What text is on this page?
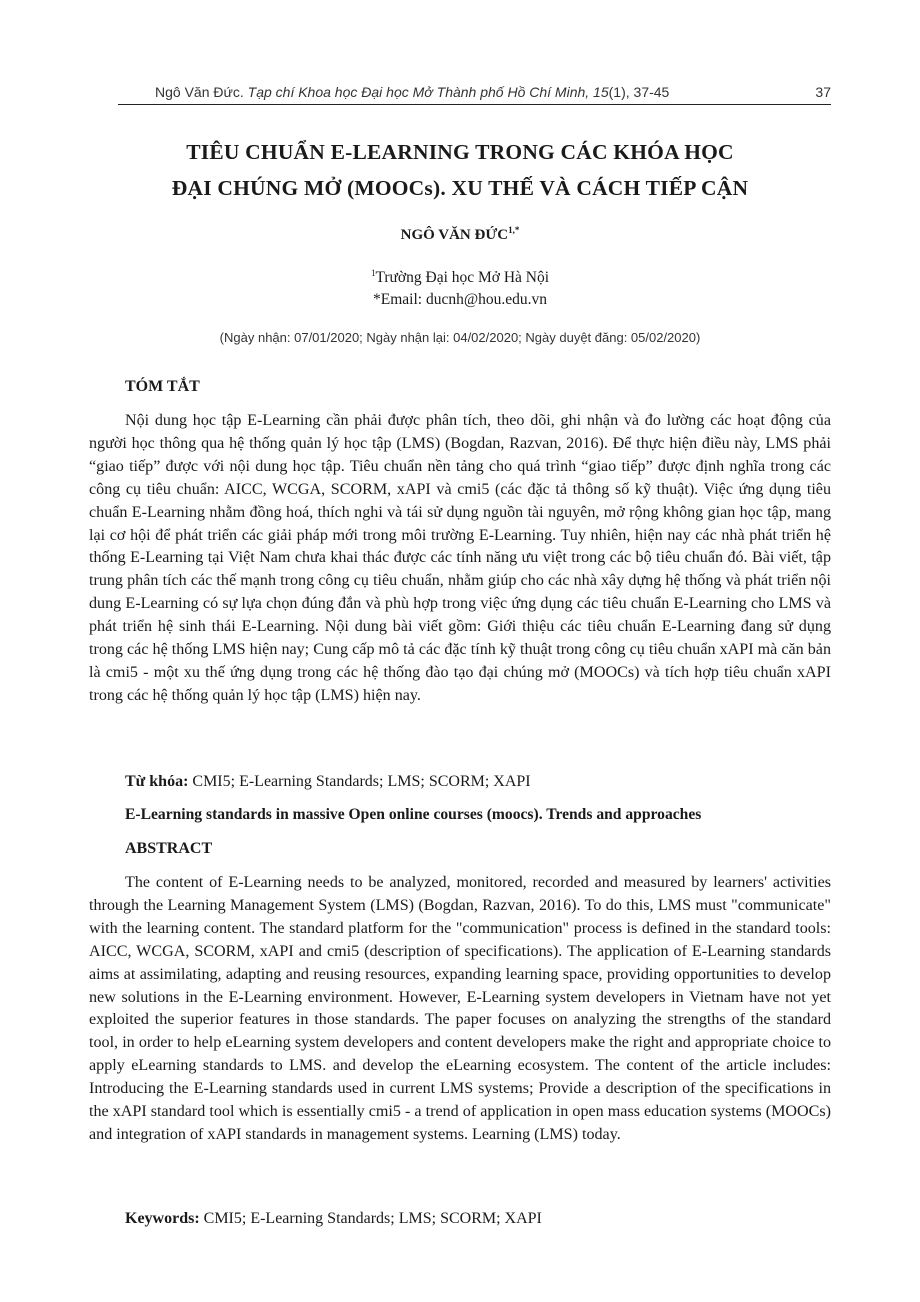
Ngô Văn Đức. Tạp chí Khoa học Đại học Mở Thành phố Hồ Chí Minh, 15(1), 37-45	37
TIÊU CHUẨN E-LEARNING TRONG CÁC KHÓA HỌC
ĐẠI CHÚNG MỞ (MOOCs). XU THẾ VÀ CÁCH TIẾP CẬN
NGÔ VĂN ĐỨC$^{1,*}$
$^1$Trường Đại học Mở Hà Nội
*Email: ducnh@hou.edu.vn
(Ngày nhận: 07/01/2020; Ngày nhận lại: 04/02/2020; Ngày duyệt đăng: 05/02/2020)
TÓM TẮT

Nội dung học tập E-Learning cần phải được phân tích, theo dõi, ghi nhận và đo lường các hoạt động của người học thông qua hệ thống quản lý học tập (LMS) (Bogdan, Razvan, 2016). Để thực hiện điều này, LMS phải “giao tiếp” được với nội dung học tập. Tiêu chuẩn nền tảng cho quá trình “giao tiếp” được định nghĩa trong các công cụ tiêu chuẩn: AICC, WCGA, SCORM, xAPI và cmi5 (các đặc tả thông số kỹ thuật). Việc ứng dụng tiêu chuẩn E-Learning nhằm đồng hoá, thích nghi và tái sử dụng nguồn tài nguyên, mở rộng không gian học tập, mang lại cơ hội để phát triển các giải pháp mới trong môi trường E-Learning. Tuy nhiên, hiện nay các nhà phát triển hệ thống E-Learning tại Việt Nam chưa khai thác được các tính năng ưu việt trong các bộ tiêu chuẩn đó. Bài viết, tập trung phân tích các thế mạnh trong công cụ tiêu chuẩn, nhằm giúp cho các nhà xây dựng hệ thống và phát triển nội dung E-Learning có sự lựa chọn đúng đắn và phù hợp trong việc ứng dụng các tiêu chuẩn E-Learning cho LMS và phát triển hệ sinh thái E-Learning. Nội dung bài viết gồm: Giới thiệu các tiêu chuẩn E-Learning đang sử dụng trong các hệ thống LMS hiện nay; Cung cấp mô tả các đặc tính kỹ thuật trong công cụ tiêu chuẩn xAPI mà căn bản là cmi5 - một xu thế ứng dụng trong các hệ thống đào tạo đại chúng mở (MOOCs) và tích hợp tiêu chuẩn xAPI trong các hệ thống quản lý học tập (LMS) hiện nay.

Từ khóa: CMI5; E-Learning Standards; LMS; SCORM; XAPI
E-Learning standards in massive Open online courses (moocs). Trends and approaches
ABSTRACT

The content of E-Learning needs to be analyzed, monitored, recorded and measured by learners' activities through the Learning Management System (LMS) (Bogdan, Razvan, 2016). To do this, LMS must "communicate" with the learning content. The standard platform for the "communication" process is defined in the standard tools: AICC, WCGA, SCORM, xAPI and cmi5 (description of specifications). The application of E-Learning standards aims at assimilating, adapting and reusing resources, expanding learning space, providing opportunities to develop new solutions in the E-Learning environment. However, E-Learning system developers in Vietnam have not yet exploited the superior features in those standards. The paper focuses on analyzing the strengths of the standard tool, in order to help eLearning system developers and content developers make the right and appropriate choice to apply eLearning standards to LMS. and develop the eLearning ecosystem. The content of the article includes: Introducing the E-Learning standards used in current LMS systems; Provide a description of the specifications in the xAPI standard tool which is essentially cmi5 - a trend of application in open mass education systems (MOOCs) and integration of xAPI standards in management systems. Learning (LMS) today.

Keywords: CMI5; E-Learning Standards; LMS; SCORM; XAPI
